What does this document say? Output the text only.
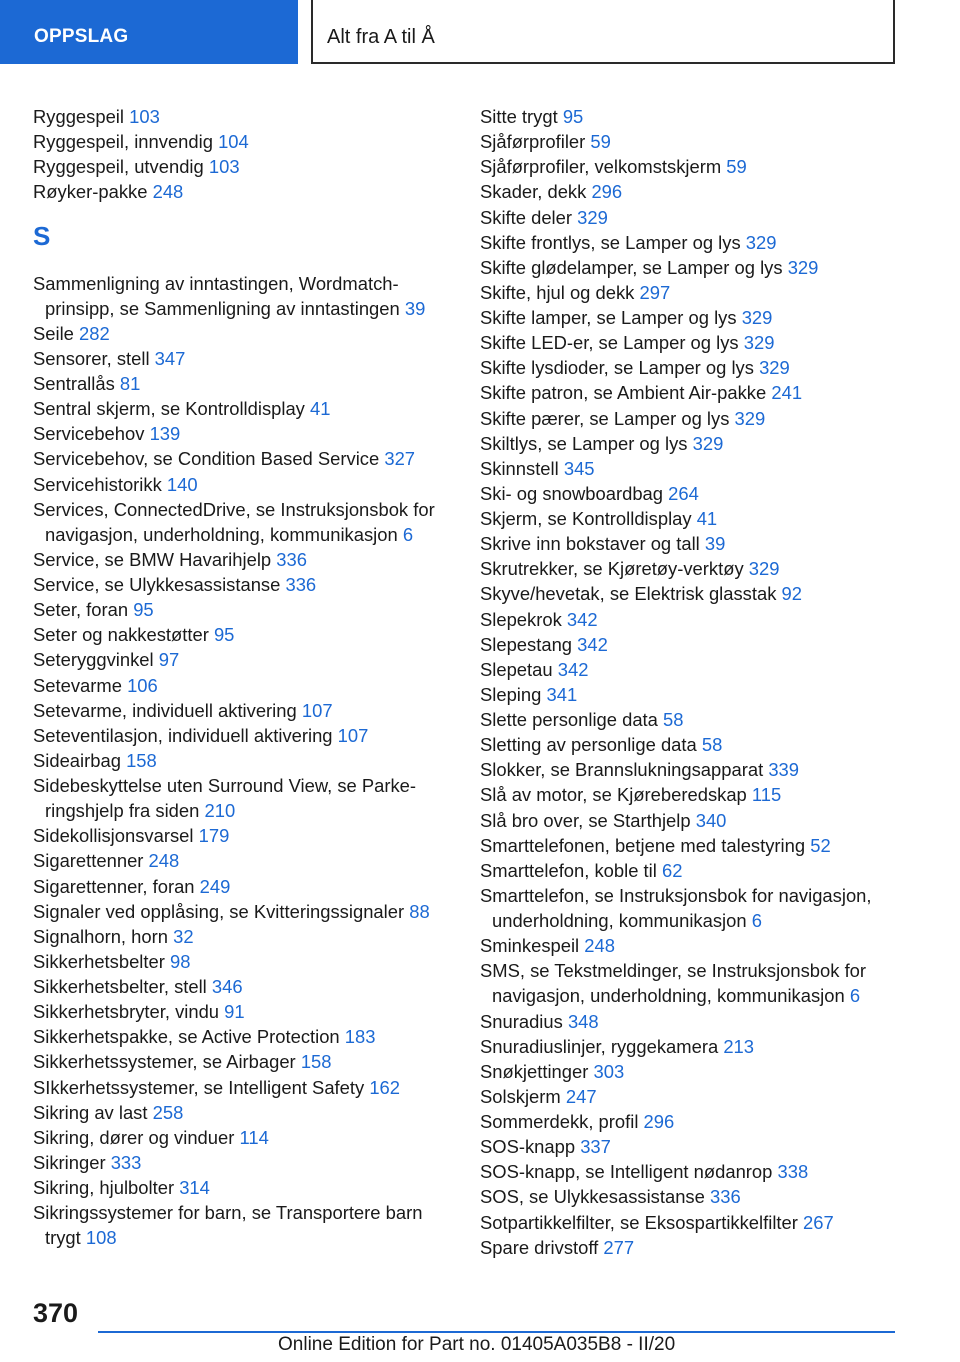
OPPSLAG	Alt fra A til Å
Ryggespeil 103
Ryggespeil, innvendig 104
Ryggespeil, utvendig 103
Røyker-pakke 248
S
Sammenligning av inntastingen, Wordmatch-prinsipp, se Sammenligning av inntastingen 39
Seile 282
Sensorer, stell 347
Sentrallås 81
Sentral skjerm, se Kontrolldisplay 41
Servicebehov 139
Servicebehov, se Condition Based Service 327
Servicehistorikk 140
Services, ConnectedDrive, se Instruksjonsbok for navigasjon, underholdning, kommunikasjon 6
Service, se BMW Havarihjelp 336
Service, se Ulykkesassistanse 336
Seter, foran 95
Seter og nakkestøtter 95
Seteryggvinkel 97
Setevarme 106
Setevarme, individuell aktivering 107
Seteventilasjon, individuell aktivering 107
Sideairbag 158
Sidebeskyttelse uten Surround View, se Parke-ringshjelp fra siden 210
Sidekollisjonsvarsel 179
Sigarettenner 248
Sigarettenner, foran 249
Signaler ved opplåsing, se Kvitteringssignaler 88
Signalhorn, horn 32
Sikkerhetsbelter 98
Sikkerhetsbelter, stell 346
Sikkerhetsbryter, vindu 91
Sikkerhetspakke, se Active Protection 183
Sikkerhetssystemer, se Airbager 158
SIkkerhetssystemer, se Intelligent Safety 162
Sikring av last 258
Sikring, dører og vinduer 114
Sikringer 333
Sikring, hjulbolter 314
Sikringssystemer for barn, se Transportere barn trygt 108
Sitte trygt 95
Sjåførprofiler 59
Sjåførprofiler, velkomstskjerm 59
Skader, dekk 296
Skifte deler 329
Skifte frontlys, se Lamper og lys 329
Skifte glødelamper, se Lamper og lys 329
Skifte, hjul og dekk 297
Skifte lamper, se Lamper og lys 329
Skifte LED-er, se Lamper og lys 329
Skifte lysdioder, se Lamper og lys 329
Skifte patron, se Ambient Air-pakke 241
Skifte pærer, se Lamper og lys 329
Skiltlys, se Lamper og lys 329
Skinnstell 345
Ski- og snowboardbag 264
Skjerm, se Kontrolldisplay 41
Skrive inn bokstaver og tall 39
Skrutrekker, se Kjøretøy-verktøy 329
Skyve/hevetak, se Elektrisk glasstak 92
Slepekrok 342
Slepestang 342
Slepetau 342
Sleping 341
Slette personlige data 58
Sletting av personlige data 58
Slokker, se Brannslukningsapparat 339
Slå av motor, se Kjøreberedskap 115
Slå bro over, se Starthjelp 340
Smarttelefonen, betjene med talestyring 52
Smarttelefon, koble til 62
Smarttelefon, se Instruksjonsbok for navigasjon, underholdning, kommunikasjon 6
Sminkespeil 248
SMS, se Tekstmeldinger, se Instruksjonsbok for navigasjon, underholdning, kommunikasjon 6
Snuradius 348
Snuradiuslinjer, ryggekamera 213
Snøkjettinger 303
Solskjerm 247
Sommerdekk, profil 296
SOS-knapp 337
SOS-knapp, se Intelligent nødanrop 338
SOS, se Ulykkesassistanse 336
Sotpartikkelfilter, se Eksospartikkelfilter 267
Spare drivstoff 277
370
Online Edition for Part no. 01405A035B8 - II/20
